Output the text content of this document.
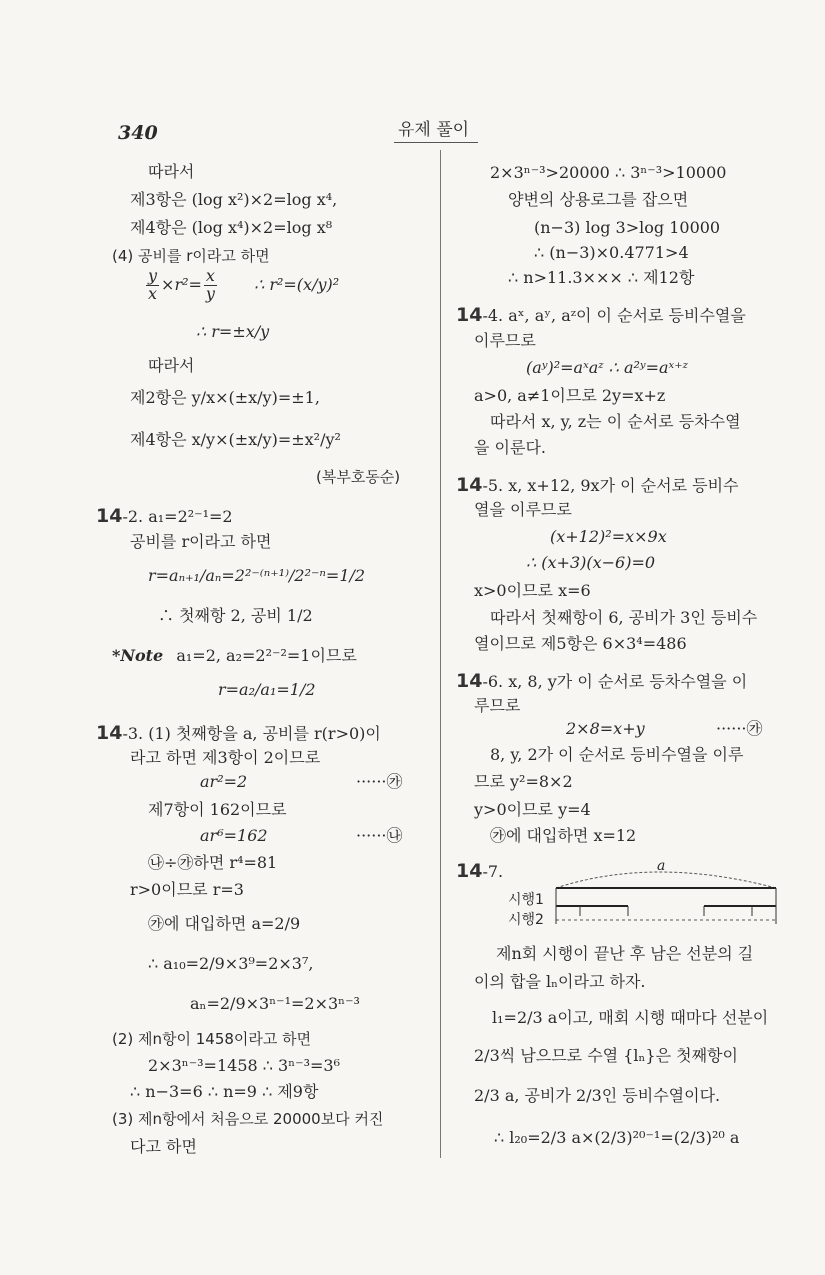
340	유제 풀이
따라서
제3항은 (log x²)×2=log x⁴,
제4항은 (log x⁴)×2=log x⁸
(4) 공비를 r이라고 하면
$\frac{y}{x} \times r^2= \frac{x}{y}$ ∴ r²=(x/y)²
∴ r=±x/y
따라서
제2항은 y/x×(±x/y)=±1,
제4항은 x/y×(±x/y)=±x²/y²
(복부호동순)
14-2. a₁=2²⁻¹=2
공비를 r이라고 하면
r=aₙ₊₁/aₙ=2²⁻⁽ⁿ⁺¹⁾/2²⁻ⁿ=1/2
∴ 첫째항 2, 공비 1/2
*Note a₁=2, a₂=2²⁻²=1이므로
r=a₂/a₁=1/2
14-3. (1) 첫째항을 a, 공비를 r(r>0)이
라고 하면 제3항이 2이므로
ar²=2	······㉮
제7항이 162이므로
ar⁶=162	······㉯
㉯÷㉮하면 r⁴=81
r>0이므로 r=3
㉮에 대입하면 a=2/9
∴ a₁₀=2/9×3⁹=2×3⁷,
aₙ=2/9×3ⁿ⁻¹=2×3ⁿ⁻³
(2) 제n항이 1458이라고 하면
2×3ⁿ⁻³=1458 ∴ 3ⁿ⁻³=3⁶
∴ n−3=6 ∴ n=9 ∴ 제9항
(3) 제n항에서 처음으로 20000보다 커진
다고 하면
2×3ⁿ⁻³>20000 ∴ 3ⁿ⁻³>10000
양변의 상용로그를 잡으면
(n−3) log 3>log 10000
∴ (n−3)×0.4771>4
∴ n>11.3××× ∴ 제12항
14-4. aˣ, aʸ, aᶻ이 이 순서로 등비수열을
이루므로
(aʸ)²=aˣaᶻ ∴ a²ʸ=aˣ⁺ᶻ
a>0, a≠1이므로 2y=x+z
따라서 x, y, z는 이 순서로 등차수열
을 이룬다.
14-5. x, x+12, 9x가 이 순서로 등비수
열을 이루므로
(x+12)²=x×9x
∴ (x+3)(x−6)=0
x>0이므로 x=6
따라서 첫째항이 6, 공비가 3인 등비수
열이므로 제5항은 6×3⁴=486
14-6. x, 8, y가 이 순서로 등차수열을 이
루므로
2×8=x+y	······㉮
8, y, 2가 이 순서로 등비수열을 이루
므로 y²=8×2
y>0이므로 y=4
㉮에 대입하면 x=12
14-7.	a
시행1
시행2
제n회 시행이 끝난 후 남은 선분의 길
이의 합을 lₙ이라고 하자.
l₁=2/3 a이고, 매회 시행 때마다 선분이
2/3씩 남으므로 수열 {lₙ}은 첫째항이
2/3 a, 공비가 2/3인 등비수열이다.
∴ l₂₀=2/3 a×(2/3)²⁰⁻¹=(2/3)²⁰ a
